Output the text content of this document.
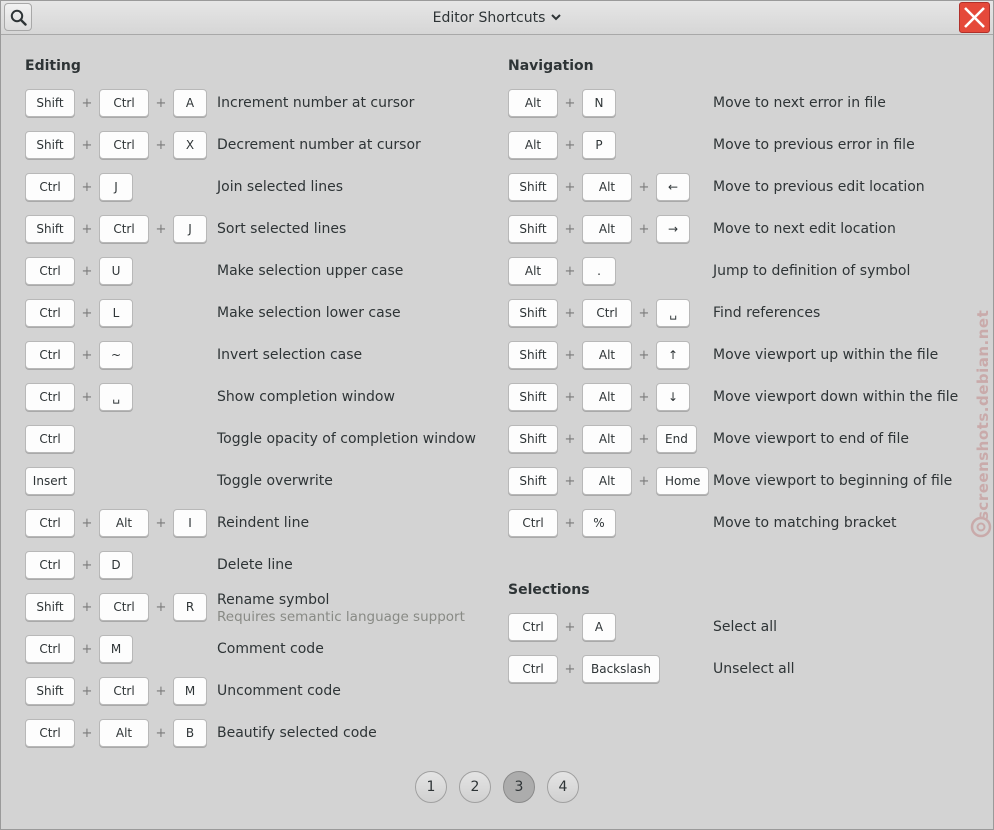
Editor Shortcuts
Editing
Shift	+	Ctrl	+	A	Increment number at cursor
Shift	+	Ctrl	+	X	Decrement number at cursor
Ctrl	+	J	Join selected lines
Shift	+	Ctrl	+	J	Sort selected lines
Ctrl	+	U	Make selection upper case
Ctrl	+	L	Make selection lower case
Ctrl	+	~	Invert selection case
Ctrl	+	␣	Show completion window
Ctrl	Toggle opacity of completion window
Insert	Toggle overwrite
Ctrl	+	Alt	+	I	Reindent line
Ctrl	+	D	Delete line
Shift	+	Ctrl	+	R	Rename symbol
Requires semantic language support
Ctrl	+	M	Comment code
Shift	+	Ctrl	+	M	Uncomment code
Ctrl	+	Alt	+	B	Beautify selected code
Navigation
Alt	+	N	Move to next error in file
Alt	+	P	Move to previous error in file
Shift	+	Alt	+	←	Move to previous edit location
Shift	+	Alt	+	→	Move to next edit location
Alt	+	.	Jump to definition of symbol
Shift	+	Ctrl	+	␣	Find references
Shift	+	Alt	+	↑	Move viewport up within the file
Shift	+	Alt	+	↓	Move viewport down within the file
Shift	+	Alt	+	End	Move viewport to end of file
Shift	+	Alt	+	Home Move viewport to beginning of file
Ctrl	+	%	Move to matching bracket
Selections
Ctrl	+	A	Select all
Ctrl	+	Backslash	Unselect all
1	2	3	4
screenshots.debian.net
